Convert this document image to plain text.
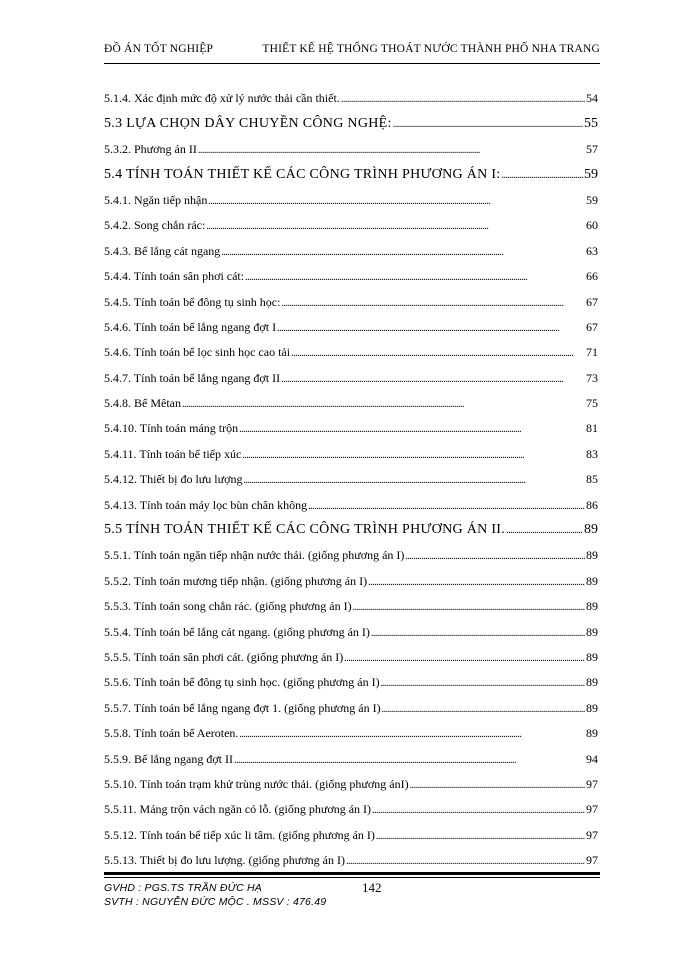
ĐỒ ÁN TỐT NGHIỆP	THIẾT KẾ HỆ THỐNG THOÁT NƯỚC THÀNH PHỐ NHA TRANG
5.1.4. Xác định mức độ xử lý nước thải cần thiết. . . .	54
5.3 LỰA CHỌN DÂY CHUYỀN CÔNG NGHỆ: . . .	55
5.3.2. Phương án II . . .	57
5.4 TÍNH TOÁN THIẾT KẾ CÁC CÔNG TRÌNH PHƯƠNG ÁN I: . . .	59
5.4.1. Ngăn tiếp nhận . . .	59
5.4.2. Song chắn rác: . . .	60
5.4.3. Bể lắng cát ngang . . .	63
5.4.4. Tính toán sân phơi cát: . . .	66
5.4.5. Tính toán bể đông tụ sinh học: . . .	67
5.4.6. Tính toán bể lắng ngang đợt I . . .	67
5.4.6. Tính toán bể lọc sinh học cao tải . . .	71
5.4.7. Tính toán bể lắng ngang đợt II . . .	73
5.4.8. Bể Mêtan . . .	75
5.4.10. Tính toán máng trộn . . .	81
5.4.11. Tính toán bể tiếp xúc . . .	83
5.4.12. Thiết bị đo lưu lượng . . .	85
5.4.13. Tính toán máy lọc bùn chân không . . .	86
5.5 TÍNH TOÁN THIẾT KẾ CÁC CÔNG TRÌNH PHƯƠNG ÁN II. . . .	89
5.5.1. Tính toán ngăn tiếp nhận nước thải. (giống phương án I) . . .	89
5.5.2. Tính toán mương tiếp nhận. (giống phương án I) . . .	89
5.5.3. Tính toán song chắn rác. (giống phương án I) . . .	89
5.5.4. Tính toán bể lắng cát ngang. (giống phương án I) . . .	89
5.5.5. Tính toán sân phơi cát. (giống phương án I) . . .	89
5.5.6. Tính toán bể đông tụ sinh học. (giống phương án I) . . .	89
5.5.7. Tính toán bể lắng ngang đợt 1. (giống phương án I) . . .	89
5.5.8. Tính toán bể Aeroten. . . .	89
5.5.9. Bể lắng ngang đợt II . . .	94
5.5.10. Tính toán trạm khử trùng nước thải. (giống phương ánI) . . .	97
5.5.11. Máng trộn vách ngăn có lỗ. (giống phương án I) . . .	97
5.5.12. Tính toán bể tiếp xúc li tâm. (giống phương án I) . . .	97
5.5.13. Thiết bị đo lưu lượng. (giống phương án I) . . .	97
GVHD : PGS.TS TRẦN ĐỨC HẠ
SVTH : NGUYỄN ĐỨC MỘC . MSSV : 476.49
142
